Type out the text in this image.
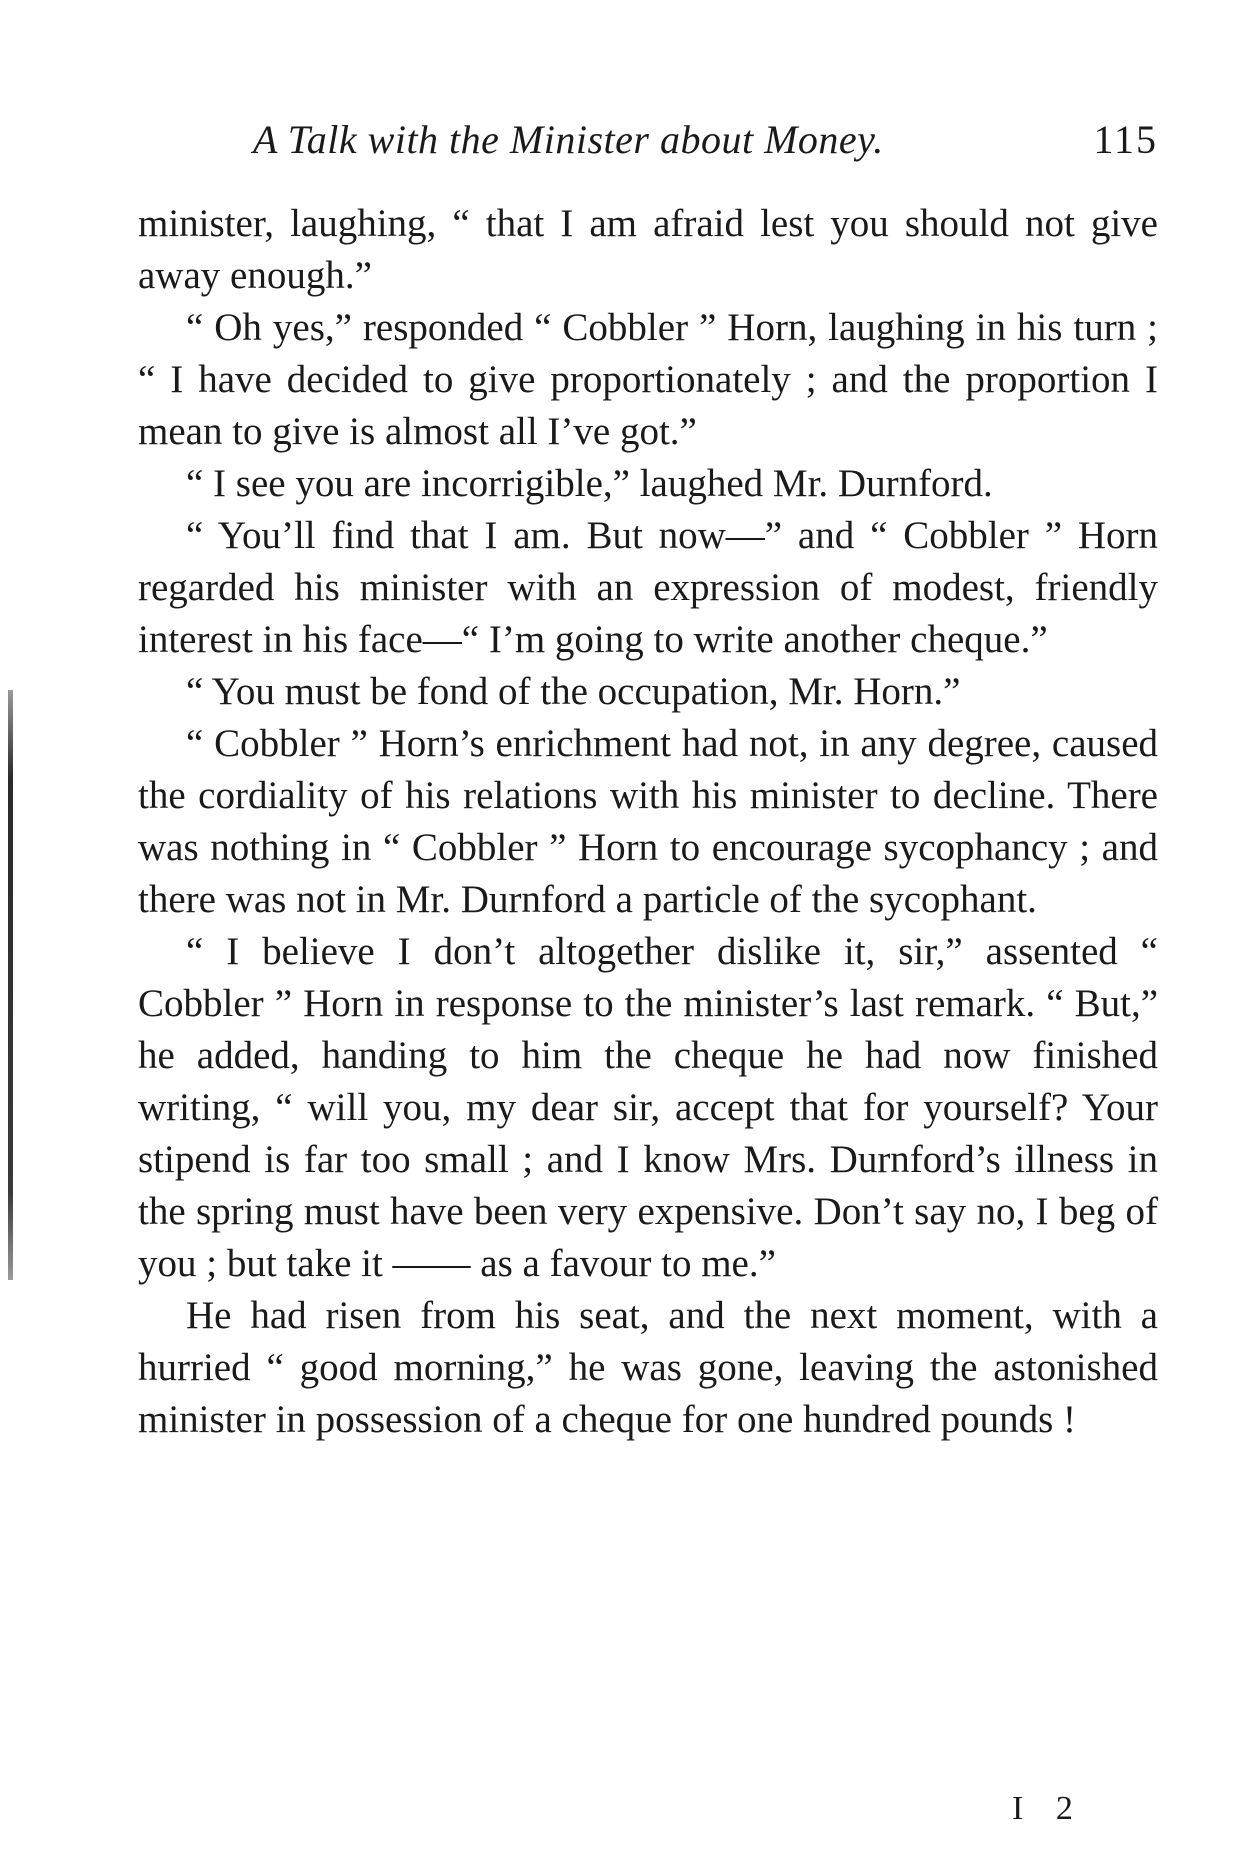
A Talk with the Minister about Money.	115

minister, laughing, “ that I am afraid lest you should not give away enough.”

“ Oh yes,” responded “ Cobbler ” Horn, laughing in his turn ; “ I have decided to give proportionately ; and the proportion I mean to give is almost all I’ve got.”

“ I see you are incorrigible,” laughed Mr. Durnford.

“ You’ll find that I am. But now—” and “ Cobbler ” Horn regarded his minister with an expression of modest, friendly interest in his face—“ I’m going to write another cheque.”

“ You must be fond of the occupation, Mr. Horn.”

“ Cobbler ” Horn’s enrichment had not, in any degree, caused the cordiality of his relations with his minister to decline. There was nothing in “ Cobbler ” Horn to encourage sycophancy ; and there was not in Mr. Durnford a particle of the sycophant.

“ I believe I don’t altogether dislike it, sir,” assented “ Cobbler ” Horn in response to the minister’s last remark. “ But,” he added, handing to him the cheque he had now finished writing, “ will you, my dear sir, accept that for yourself? Your stipend is far too small ; and I know Mrs. Durnford’s illness in the spring must have been very expensive. Don’t say no, I beg of you ; but take it —— as a favour to me.”

He had risen from his seat, and the next moment, with a hurried “ good morning,” he was gone, leaving the astonished minister in possession of a cheque for one hundred pounds !

I 2
